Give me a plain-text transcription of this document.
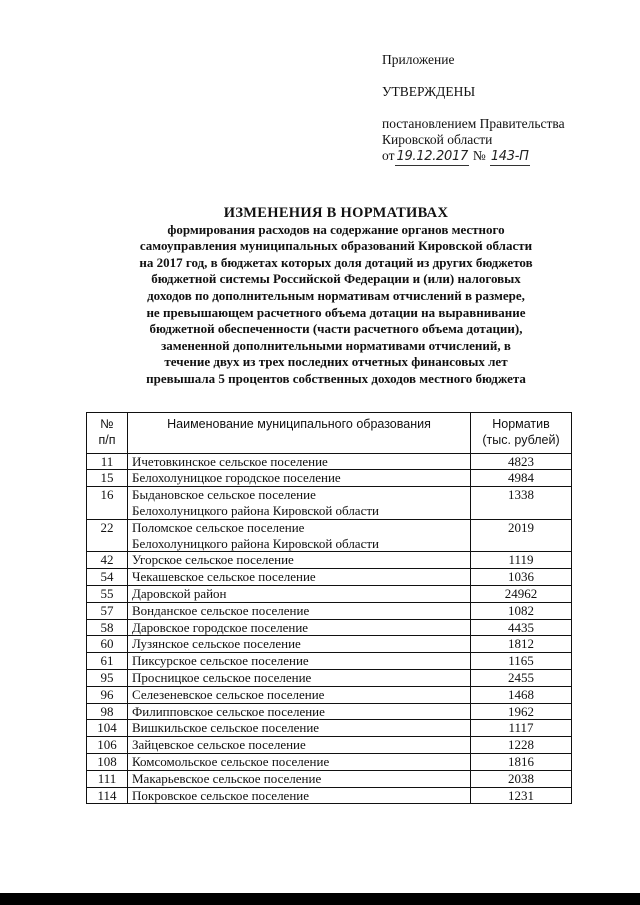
Приложение
УТВЕРЖДЕНЫ
постановлением Правительства
Кировской области
от 19.12.2017 № 143-П
ИЗМЕНЕНИЯ В НОРМАТИВАХ
формирования расходов на содержание органов местного
самоуправления муниципальных образований Кировской области
на 2017 год, в бюджетах которых доля дотаций из других бюджетов
бюджетной системы Российской Федерации и (или) налоговых
доходов по дополнительным нормативам отчислений в размере,
не превышающем расчетного объема дотации на выравнивание
бюджетной обеспеченности (части расчетного объема дотации),
замененной дополнительными нормативами отчислений, в
течение двух из трех последних отчетных финансовых лет
превышала 5 процентов собственных доходов местного бюджета
№
п/п	Наименование муниципального образования	Норматив
(тыс. рублей)
11	Ичетовкинское сельское поселение	4823
15	Белохолуницкое городское поселение	4984
16	Быдановское сельское поселение
Белохолуницкого района Кировской области	1338
22	Поломское сельское поселение
Белохолуницкого района Кировской области	2019
42	Угорское сельское поселение	1119
54	Чекашевское сельское поселение	1036
55	Даровской район	24962
57	Вонданское сельское поселение	1082
58	Даровское городское поселение	4435
60	Лузянское сельское поселение	1812
61	Пиксурское сельское поселение	1165
95	Просницкое сельское поселение	2455
96	Селезеневское сельское поселение	1468
98	Филипповское сельское поселение	1962
104	Вишкильское сельское поселение	1117
106	Зайцевское сельское поселение	1228
108	Комсомольское сельское поселение	1816
111	Макарьевское сельское поселение	2038
114	Покровское сельское поселение	1231
